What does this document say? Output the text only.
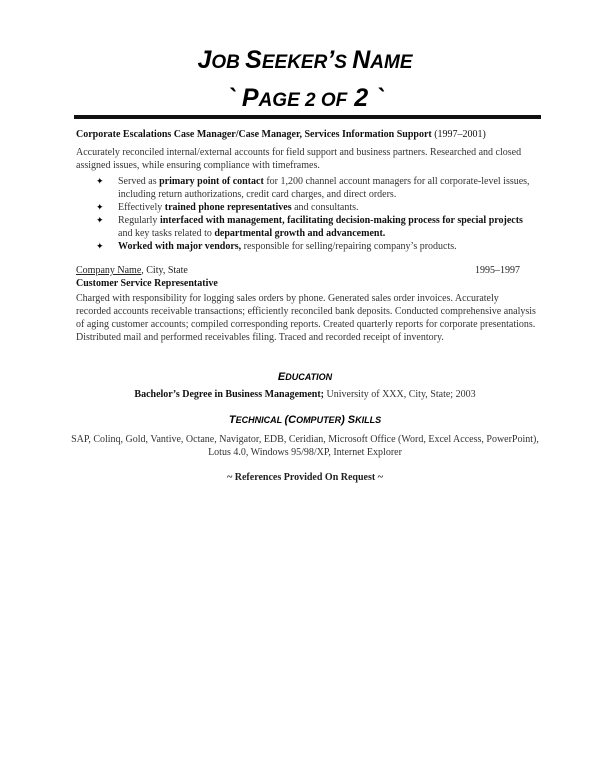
JOB SEEKER’S NAME
` PAGE 2 OF 2 `
Corporate Escalations Case Manager/Case Manager, Services Information Support (1997–2001)
Accurately reconciled internal/external accounts for field support and business partners. Researched and closed assigned issues, while ensuring compliance with timeframes.
✦ Served as primary point of contact for 1,200 channel account managers for all corporate-level issues, including return authorizations, credit card charges, and direct orders.
✦ Effectively trained phone representatives and consultants.
✦ Regularly interfaced with management, facilitating decision-making process for special projects and key tasks related to departmental growth and advancement.
✦ Worked with major vendors, responsible for selling/repairing company’s products.
Company Name, City, State	1995–1997
Customer Service Representative
Charged with responsibility for logging sales orders by phone. Generated sales order invoices. Accurately recorded accounts receivable transactions; efficiently reconciled bank deposits. Conducted comprehensive analysis of aging customer accounts; compiled corresponding reports. Created quarterly reports for corporate presentations. Distributed mail and performed receivables filing. Traced and recorded receipt of inventory.
EDUCATION
Bachelor’s Degree in Business Management; University of XXX, City, State; 2003
TECHNICAL (COMPUTER) SKILLS
SAP, Colinq, Gold, Vantive, Octane, Navigator, EDB, Ceridian, Microsoft Office (Word, Excel Access, PowerPoint), Lotus 4.0, Windows 95/98/XP, Internet Explorer
~ References Provided On Request ~
